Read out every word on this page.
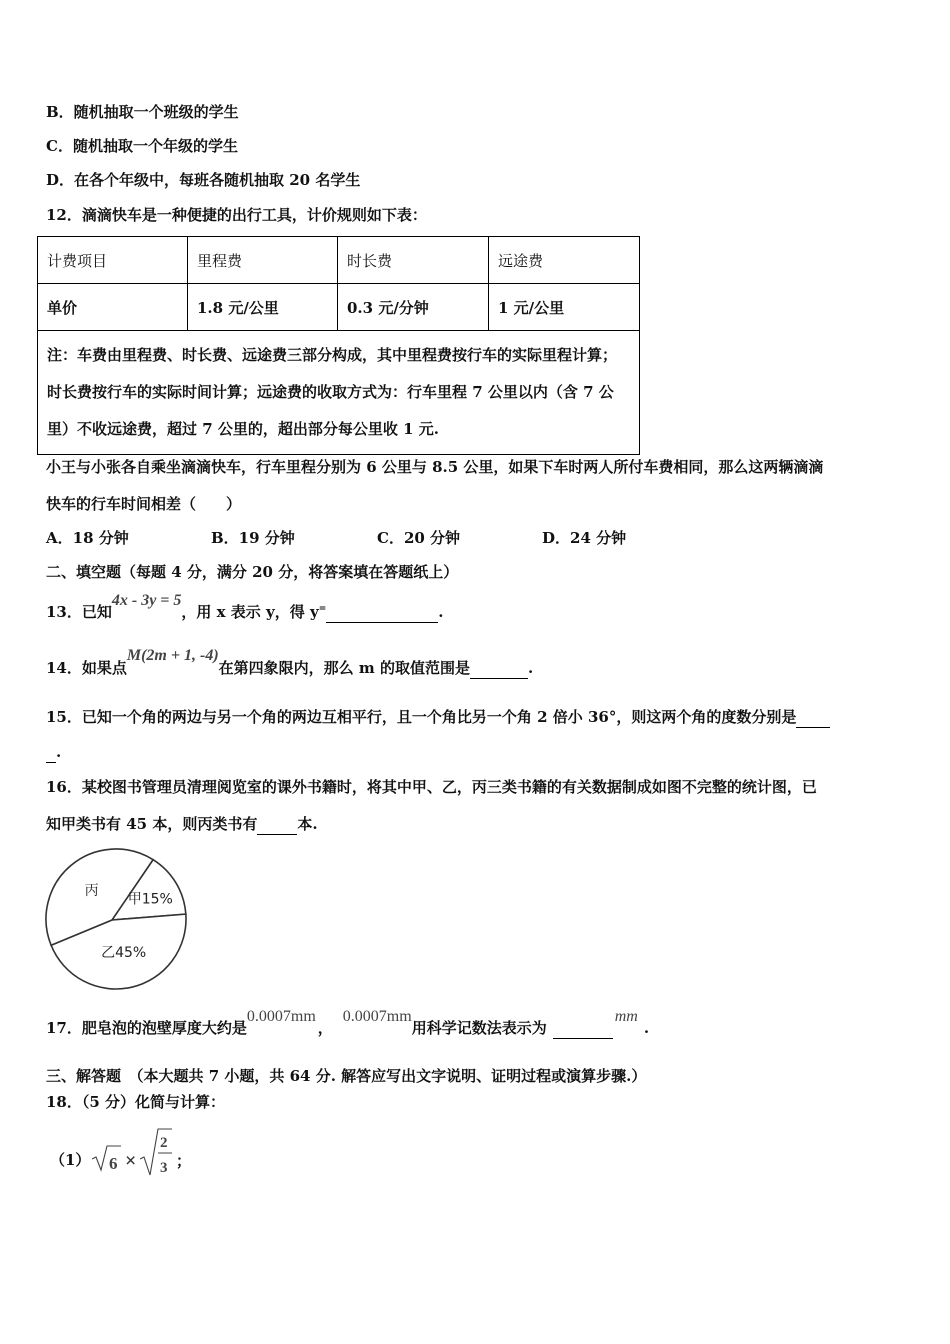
B．随机抽取一个班级的学生
C．随机抽取一个年级的学生
D．在各个年级中，每班各随机抽取 20 名学生
12．滴滴快车是一种便捷的出行工具，计价规则如下表：
计费项目	里程费	时长费	远途费
单价	1.8 元/公里	0.3 元/分钟	1 元/公里
注：车费由里程费、时长费、远途费三部分构成，其中里程费按行车的实际里程计算；时长费按行车的实际时间计算；远途费的收取方式为：行车里程 7 公里以内（含 7 公里）不收远途费，超过 7 公里的，超出部分每公里收 1 元.			
小王与小张各自乘坐滴滴快车，行车里程分别为 6 公里与 8.5 公里，如果下车时两人所付车费相同，那么这两辆滴滴
快车的行车时间相差（　　）
A．18 分钟	B．19 分钟	C．20 分钟	D．24 分钟
二、填空题（每题 4 分，满分 20 分，将答案填在答题纸上）
13．已知4x - 3y = 5，用 x 表示 y，得 y=	.
14．如果点M(2m + 1, -4)在第四象限内，那么 m 的取值范围是	.
15．已知一个角的两边与另一个角的两边互相平行，且一个角比另一个角 2 倍小 36°，则这两个角的度数分别是
.
16．某校图书管理员清理阅览室的课外书籍时，将其中甲、乙，丙三类书籍的有关数据制成如图不完整的统计图，已
知甲类书有 45 本，则丙类书有	本.
甲15%
乙45%
丙
17．肥皂泡的泡壁厚度大约是0.0007mm，0.0007mm用科学记数法表示为 mm.
三、解答题　（本大题共 7 小题，共 64 分. 解答应写出文字说明、证明过程或演算步骤.）
18．（5 分）化简与计算：
（1） 6 ×
2
3 ；
